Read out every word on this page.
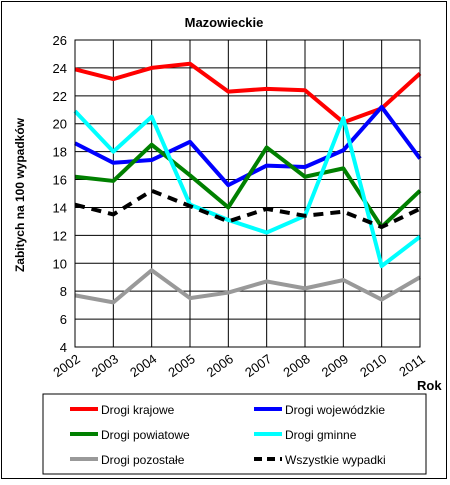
Mazowieckie
Zabitych na 100 wypadków
Rok
4
6
8
10
12
14
16
18
20
22
24
26
2002 2003 2004 2005 2006 2007 2008 2009 2010 2011
Drogi krajowe	Drogi wojewódzkie
Drogi powiatowe	Drogi gminne
Drogi pozostałe	Wszystkie wypadki
